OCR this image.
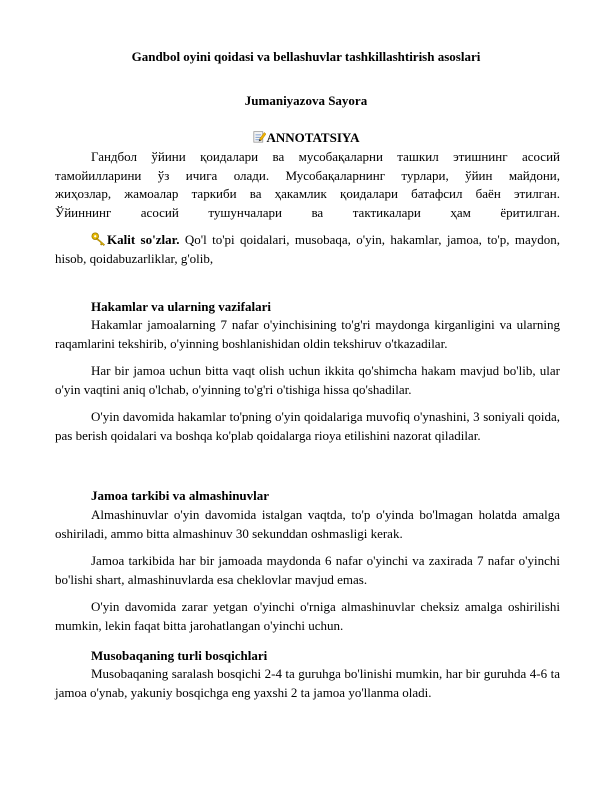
Gandbol oyini qoidasi va bellashuvlar tashkillashtirish asoslari
Jumaniyazova Sayora
ANNOTATSIYA
Гандбол ўйини қоидалари ва мусобақаларни ташкил этишнинг асосий
тамойилларини ўз ичига олади. Мусобақаларнинг турлари, ўйин майдони,
жиҳозлар, жамоалар таркиби ва ҳакамлик қоидалари батафсил баён этилган.
Ўйиннинг асосий тушунчалари ва тактикалари ҳам ёритилган.
Kalit so'zlar. Qo'l to'pi qoidalari, musobaqa, o'yin, hakamlar, jamoa, to'p, maydon, hisob, qoidabuzarliklar, g'olib,
Hakamlar va ularning vazifalari
Hakamlar jamoalarning 7 nafar o'yinchisining to'g'ri maydonga kirganligini va ularning raqamlarini tekshirib, o'yinning boshlanishidan oldin tekshiruv o'tkazadilar.
Har bir jamoa uchun bitta vaqt olish uchun ikkita qo'shimcha hakam mavjud bo'lib, ular o'yin vaqtini aniq o'lchab, o'yinning to'g'ri o'tishiga hissa qo'shadilar.
O'yin davomida hakamlar to'pning o'yin qoidalariga muvofiq o'ynashini, 3 soniyali qoida, pas berish qoidalari va boshqa ko'plab qoidalarga rioya etilishini nazorat qiladilar.
Jamoa tarkibi va almashinuvlar
Almashinuvlar o'yin davomida istalgan vaqtda, to'p o'yinda bo'lmagan holatda amalga oshiriladi, ammo bitta almashinuv 30 sekunddan oshmasligi kerak.
Jamoa tarkibida har bir jamoada maydonda 6 nafar o'yinchi va zaxirada 7 nafar o'yinchi bo'lishi shart, almashinuvlarda esa cheklovlar mavjud emas.
O'yin davomida zarar yetgan o'yinchi o'rniga almashinuvlar cheksiz amalga oshirilishi mumkin, lekin faqat bitta jarohatlangan o'yinchi uchun.
Musobaqaning turli bosqichlari
Musobaqaning saralash bosqichi 2-4 ta guruhga bo'linishi mumkin, har bir guruhda 4-6 ta jamoa o'ynab, yakuniy bosqichga eng yaxshi 2 ta jamoa yo'llanma oladi.
